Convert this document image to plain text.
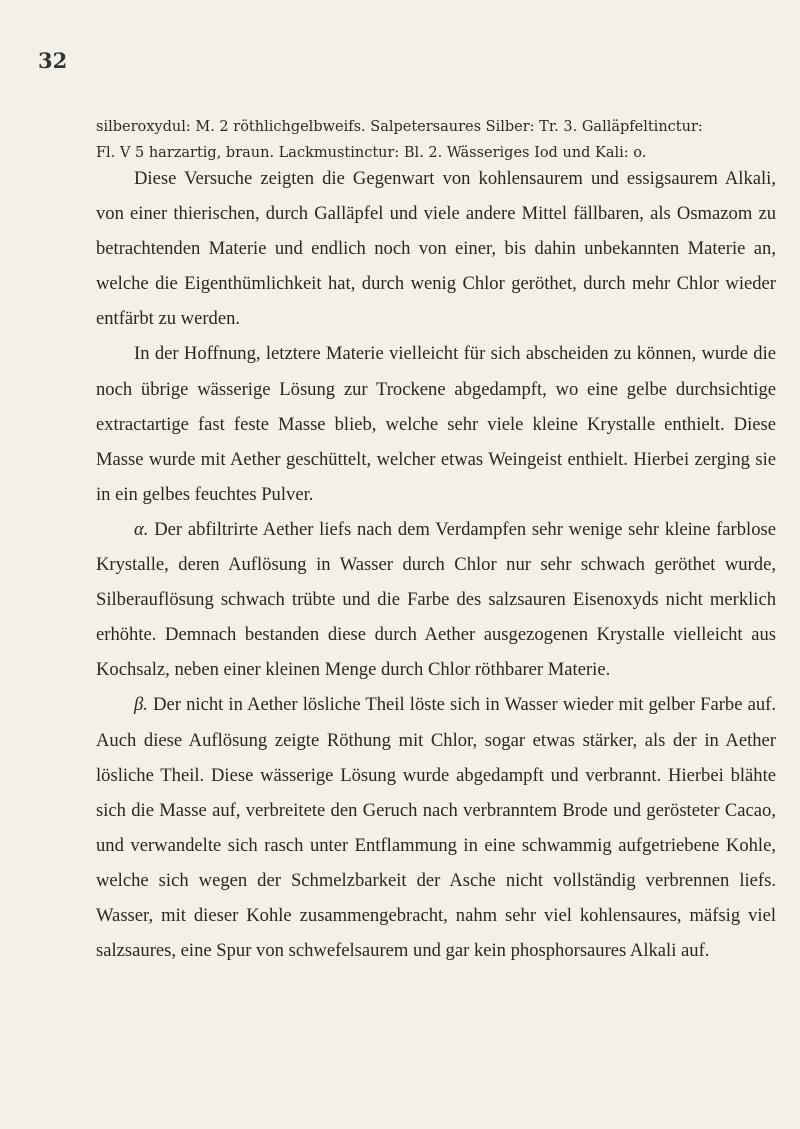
32
silberoxydul: M. 2 röthlichgelbweifs. Salpetersaures Silber: Tr. 3. Galläpfeltinctur:
Fl. V 5 harzartig, braun. Lackmustinctur: Bl. 2. Wässeriges Iod und Kali: o.

Diese Versuche zeigten die Gegenwart von kohlensaurem und essigsaurem Alkali, von einer thierischen, durch Galläpfel und viele andere Mittel fällbaren, als Osmazom zu betrachtenden Materie und endlich noch von einer, bis dahin unbekannten Materie an, welche die Eigenthümlichkeit hat, durch wenig Chlor geröthet, durch mehr Chlor wieder entfärbt zu werden.

In der Hoffnung, letztere Materie vielleicht für sich abscheiden zu können, wurde die noch übrige wässerige Lösung zur Trockene abgedampft, wo eine gelbe durchsichtige extractartige fast feste Masse blieb, welche sehr viele kleine Krystalle enthielt. Diese Masse wurde mit Aether geschüttelt, welcher etwas Weingeist enthielt. Hierbei zerging sie in ein gelbes feuchtes Pulver.

α. Der abfiltrirte Aether liefs nach dem Verdampfen sehr wenige sehr kleine farblose Krystalle, deren Auflösung in Wasser durch Chlor nur sehr schwach geröthet wurde, Silberauflösung schwach trübte und die Farbe des salzsauren Eisenoxyds nicht merklich erhöhte. Demnach bestanden diese durch Aether ausgezogenen Krystalle vielleicht aus Kochsalz, neben einer kleinen Menge durch Chlor röthbarer Materie.

β. Der nicht in Aether lösliche Theil löste sich in Wasser wieder mit gelber Farbe auf. Auch diese Auflösung zeigte Röthung mit Chlor, sogar etwas stärker, als der in Aether lösliche Theil. Diese wässerige Lösung wurde abgedampft und verbrannt. Hierbei blähte sich die Masse auf, verbreitete den Geruch nach verbranntem Brode und gerösteter Cacao, und verwandelte sich rasch unter Entflammung in eine schwammig aufgetriebene Kohle, welche sich wegen der Schmelzbarkeit der Asche nicht vollständig verbrennen liefs. Wasser, mit dieser Kohle zusammengebracht, nahm sehr viel kohlensaures, mäfsig viel salzsaures, eine Spur von schwefelsaurem und gar kein phosphorsaures Alkali auf.
